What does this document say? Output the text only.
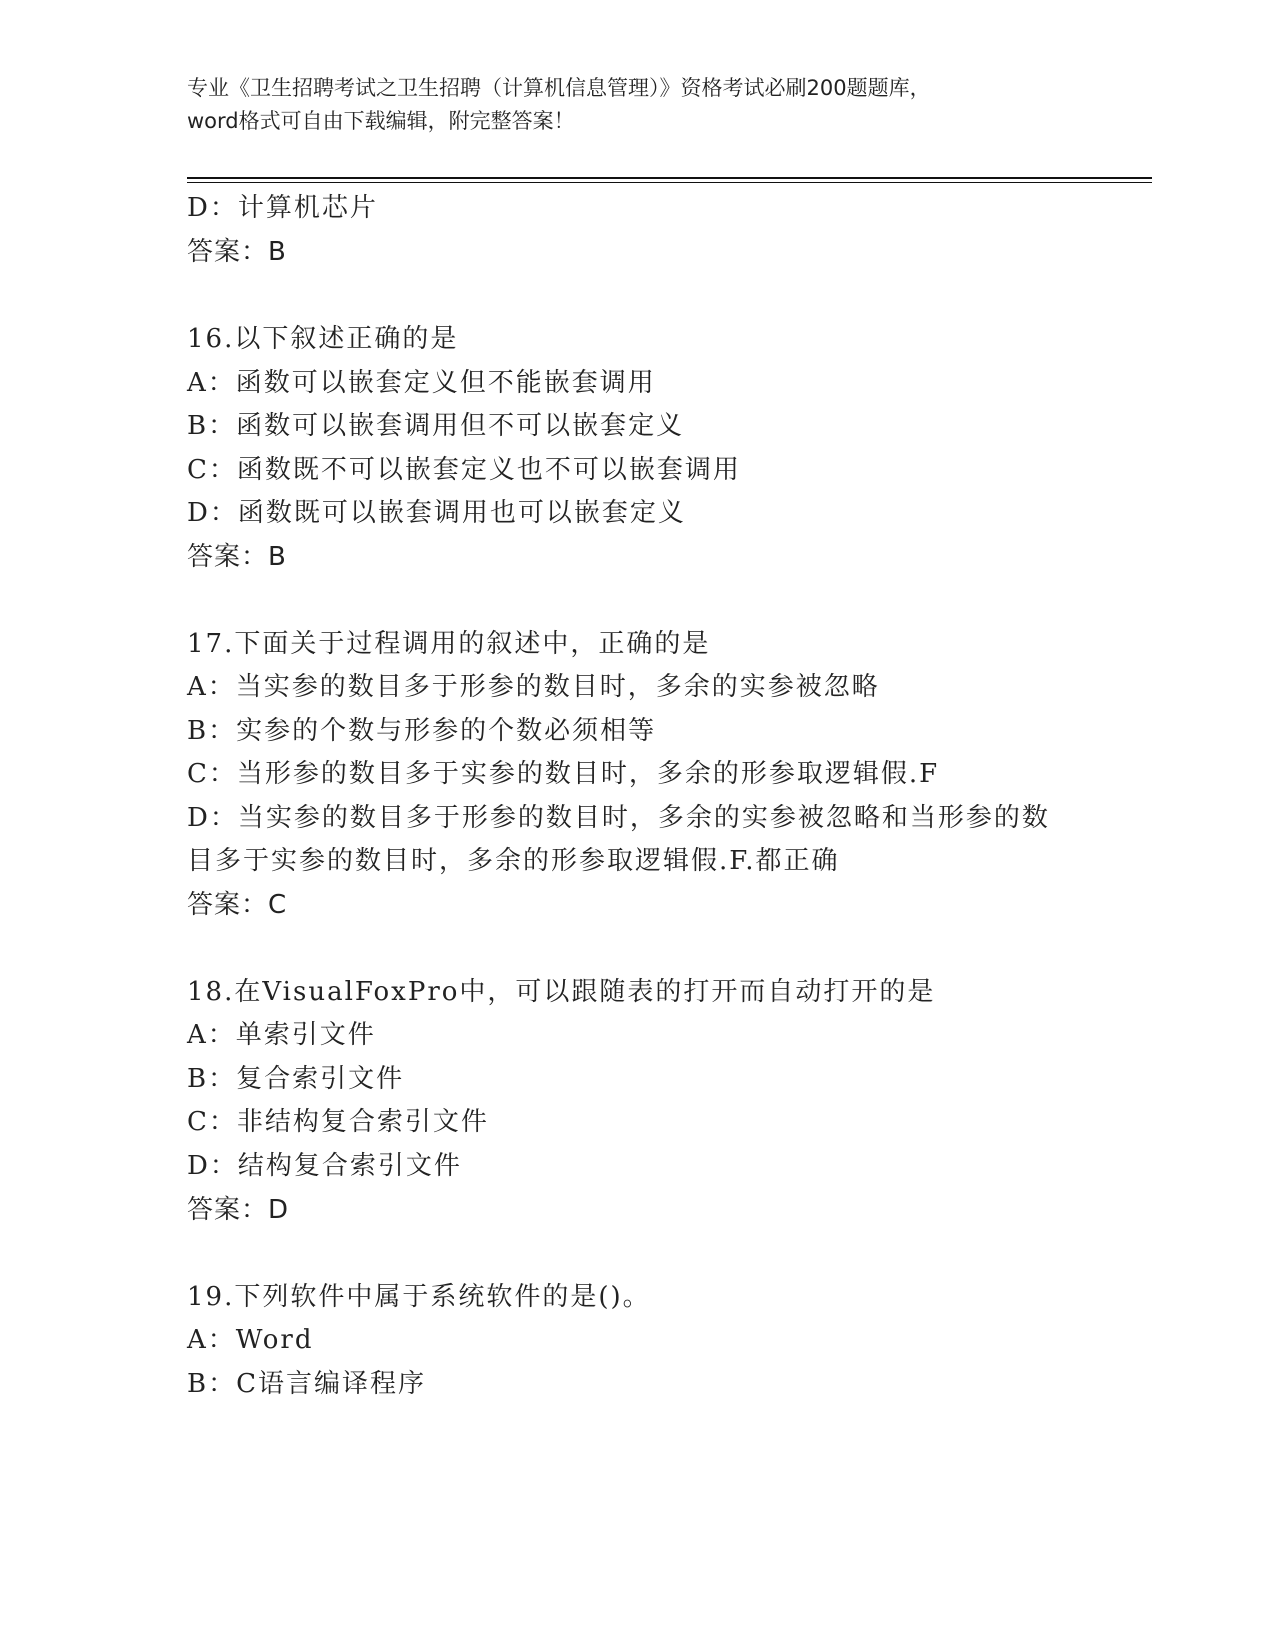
专业《卫生招聘考试之卫生招聘（计算机信息管理）》资格考试必刷200题题库，
word格式可自由下载编辑，附完整答案！
D：计算机芯片
答案：B
16.以下叙述正确的是
A：函数可以嵌套定义但不能嵌套调用
B：函数可以嵌套调用但不可以嵌套定义
C：函数既不可以嵌套定义也不可以嵌套调用
D：函数既可以嵌套调用也可以嵌套定义
答案：B
17.下面关于过程调用的叙述中，正确的是
A：当实参的数目多于形参的数目时，多余的实参被忽略
B：实参的个数与形参的个数必须相等
C：当形参的数目多于实参的数目时，多余的形参取逻辑假.F
D：当实参的数目多于形参的数目时，多余的实参被忽略和当形参的数
目多于实参的数目时，多余的形参取逻辑假.F.都正确
答案：C
18.在VisualFoxPro中，可以跟随表的打开而自动打开的是
A：单索引文件
B：复合索引文件
C：非结构复合索引文件
D：结构复合索引文件
答案：D
19.下列软件中属于系统软件的是()。
A：Word
B：C语言编译程序
